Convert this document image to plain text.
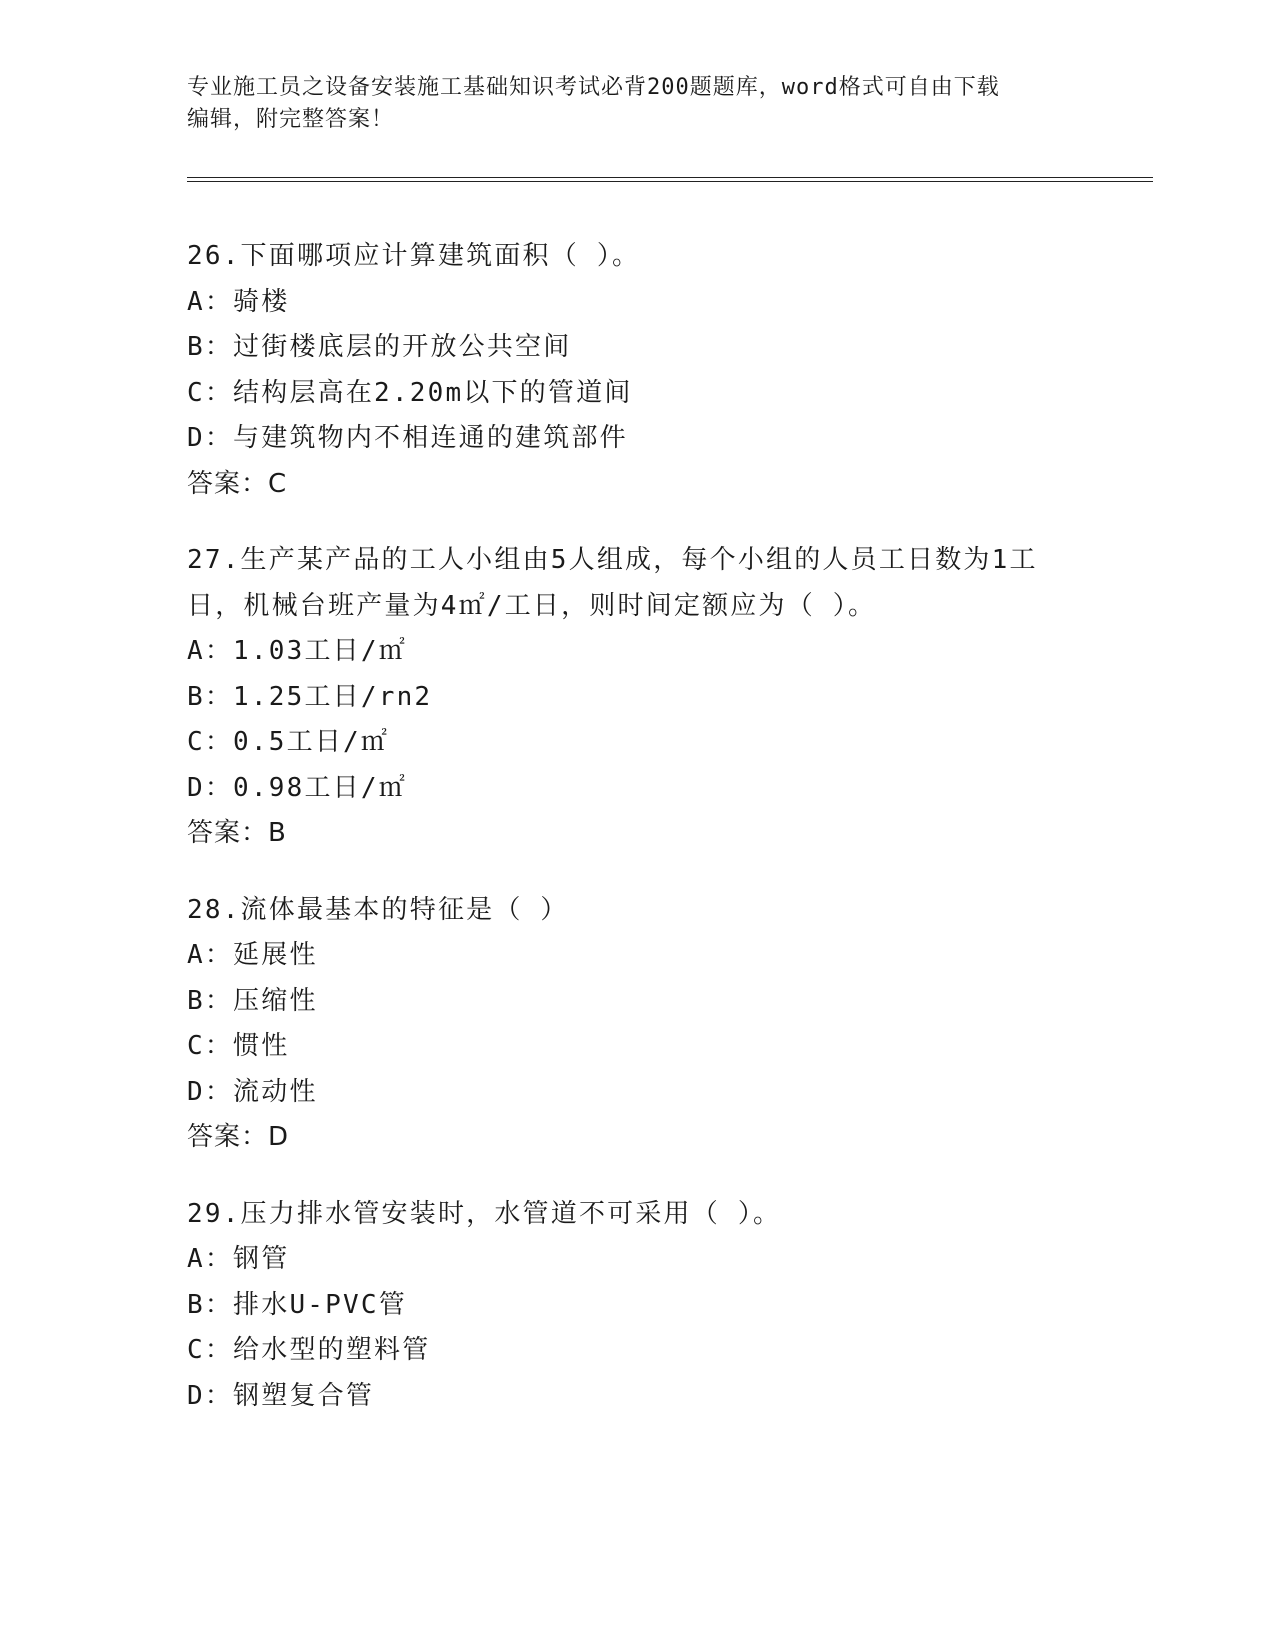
专业施工员之设备安装施工基础知识考试必背200题题库，word格式可自由下载
编辑，附完整答案！
26.下面哪项应计算建筑面积（ ）。
A：骑楼
B：过街楼底层的开放公共空间
C：结构层高在2.20m以下的管道间
D：与建筑物内不相连通的建筑部件
答案：C
27.生产某产品的工人小组由5人组成，每个小组的人员工日数为1工日，机械台班产量为4㎡/工日，则时间定额应为（ ）。
A：1.03工日/㎡
B：1.25工日/rn2
C：0.5工日/㎡
D：0.98工日/㎡
答案：B
28.流体最基本的特征是（ ）
A：延展性
B：压缩性
C：惯性
D：流动性
答案：D
29.压力排水管安装时，水管道不可采用（ ）。
A：钢管
B：排水U-PVC管
C：给水型的塑料管
D：钢塑复合管
